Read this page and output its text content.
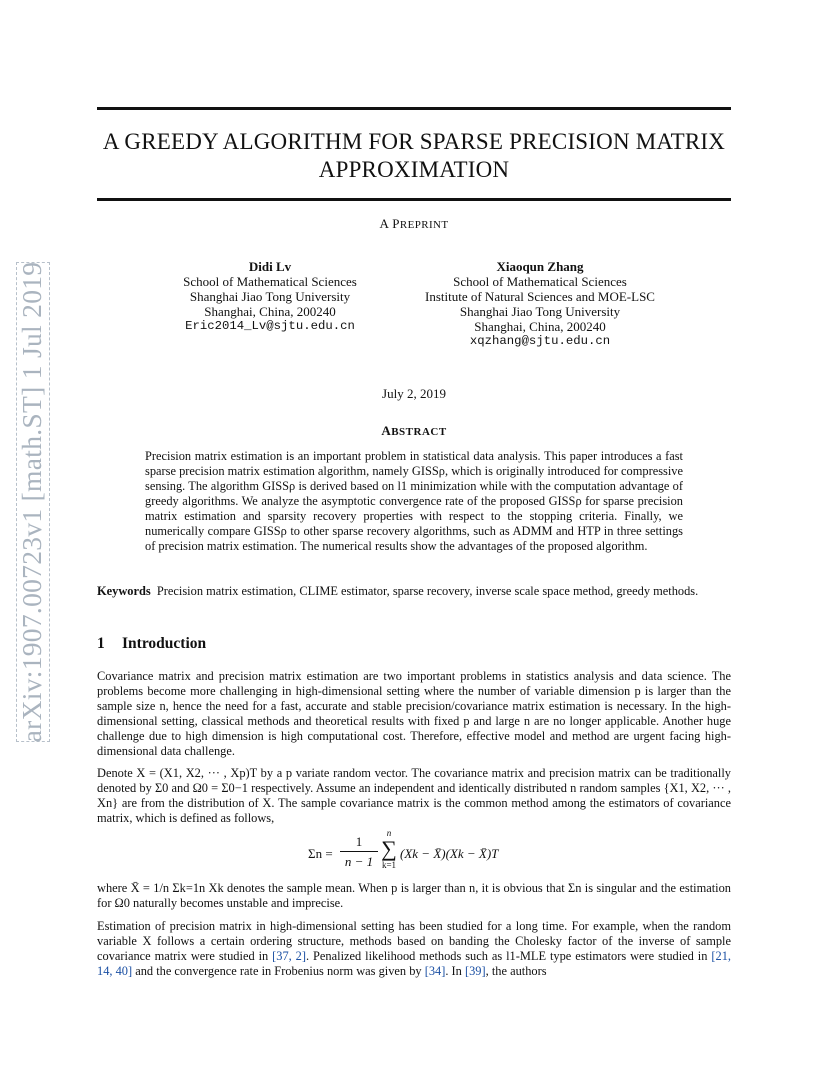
arXiv:1907.00723v1 [math.ST] 1 Jul 2019
A GREEDY ALGORITHM FOR SPARSE PRECISION MATRIX APPROXIMATION
A PREPRINT
Didi Lv
School of Mathematical Sciences
Shanghai Jiao Tong University
Shanghai, China, 200240
Eric2014_Lv@sjtu.edu.cn
Xiaoqun Zhang
School of Mathematical Sciences
Institute of Natural Sciences and MOE-LSC
Shanghai Jiao Tong University
Shanghai, China, 200240
xqzhang@sjtu.edu.cn
July 2, 2019
ABSTRACT

Precision matrix estimation is an important problem in statistical data analysis. This paper introduces a fast sparse precision matrix estimation algorithm, namely GISSρ, which is originally introduced for compressive sensing. The algorithm GISSρ is derived based on l1 minimization while with the computation advantage of greedy algorithms. We analyze the asymptotic convergence rate of the proposed GISSρ for sparse precision matrix estimation and sparsity recovery properties with respect to the stopping criteria. Finally, we numerically compare GISSρ to other sparse recovery algorithms, such as ADMM and HTP in three settings of precision matrix estimation. The numerical results show the advantages of the proposed algorithm.

Keywords Precision matrix estimation, CLIME estimator, sparse recovery, inverse scale space method, greedy methods.

1 Introduction

Covariance matrix and precision matrix estimation are two important problems in statistics analysis and data science. The problems become more challenging in high-dimensional setting where the number of variable dimension p is larger than the sample size n, hence the need for a fast, accurate and stable precision/covariance matrix estimation is necessary. In the high-dimensional setting, classical methods and theoretical results with fixed p and large n are no longer applicable. Another huge challenge due to high dimension is high computational cost. Therefore, effective model and method are urgent facing high-dimensional data challenge.

Denote X = (X1, X2, ··· , Xp)T by a p variate random vector. The covariance matrix and precision matrix can be traditionally denoted by Σ0 and Ω0 = Σ0−1 respectively. Assume an independent and identically distributed n random samples {X1, X2, ··· , Xn} are from the distribution of X. The sample covariance matrix is the common method among the estimators of covariance matrix, which is defined as follows,

Σn =
1
n − 1
n
∑
k=1
(Xk − X̄)(Xk − X̄)T

where X̄ = 1/n Σk=1n Xk denotes the sample mean. When p is larger than n, it is obvious that Σn is singular and the estimation for Ω0 naturally becomes unstable and imprecise.

Estimation of precision matrix in high-dimensional setting has been studied for a long time. For example, when the random variable X follows a certain ordering structure, methods based on banding the Cholesky factor of the inverse of sample covariance matrix were studied in [37, 2]. Penalized likelihood methods such as l1-MLE type estimators were studied in [21, 14, 40] and the convergence rate in Frobenius norm was given by [34]. In [39], the authors
